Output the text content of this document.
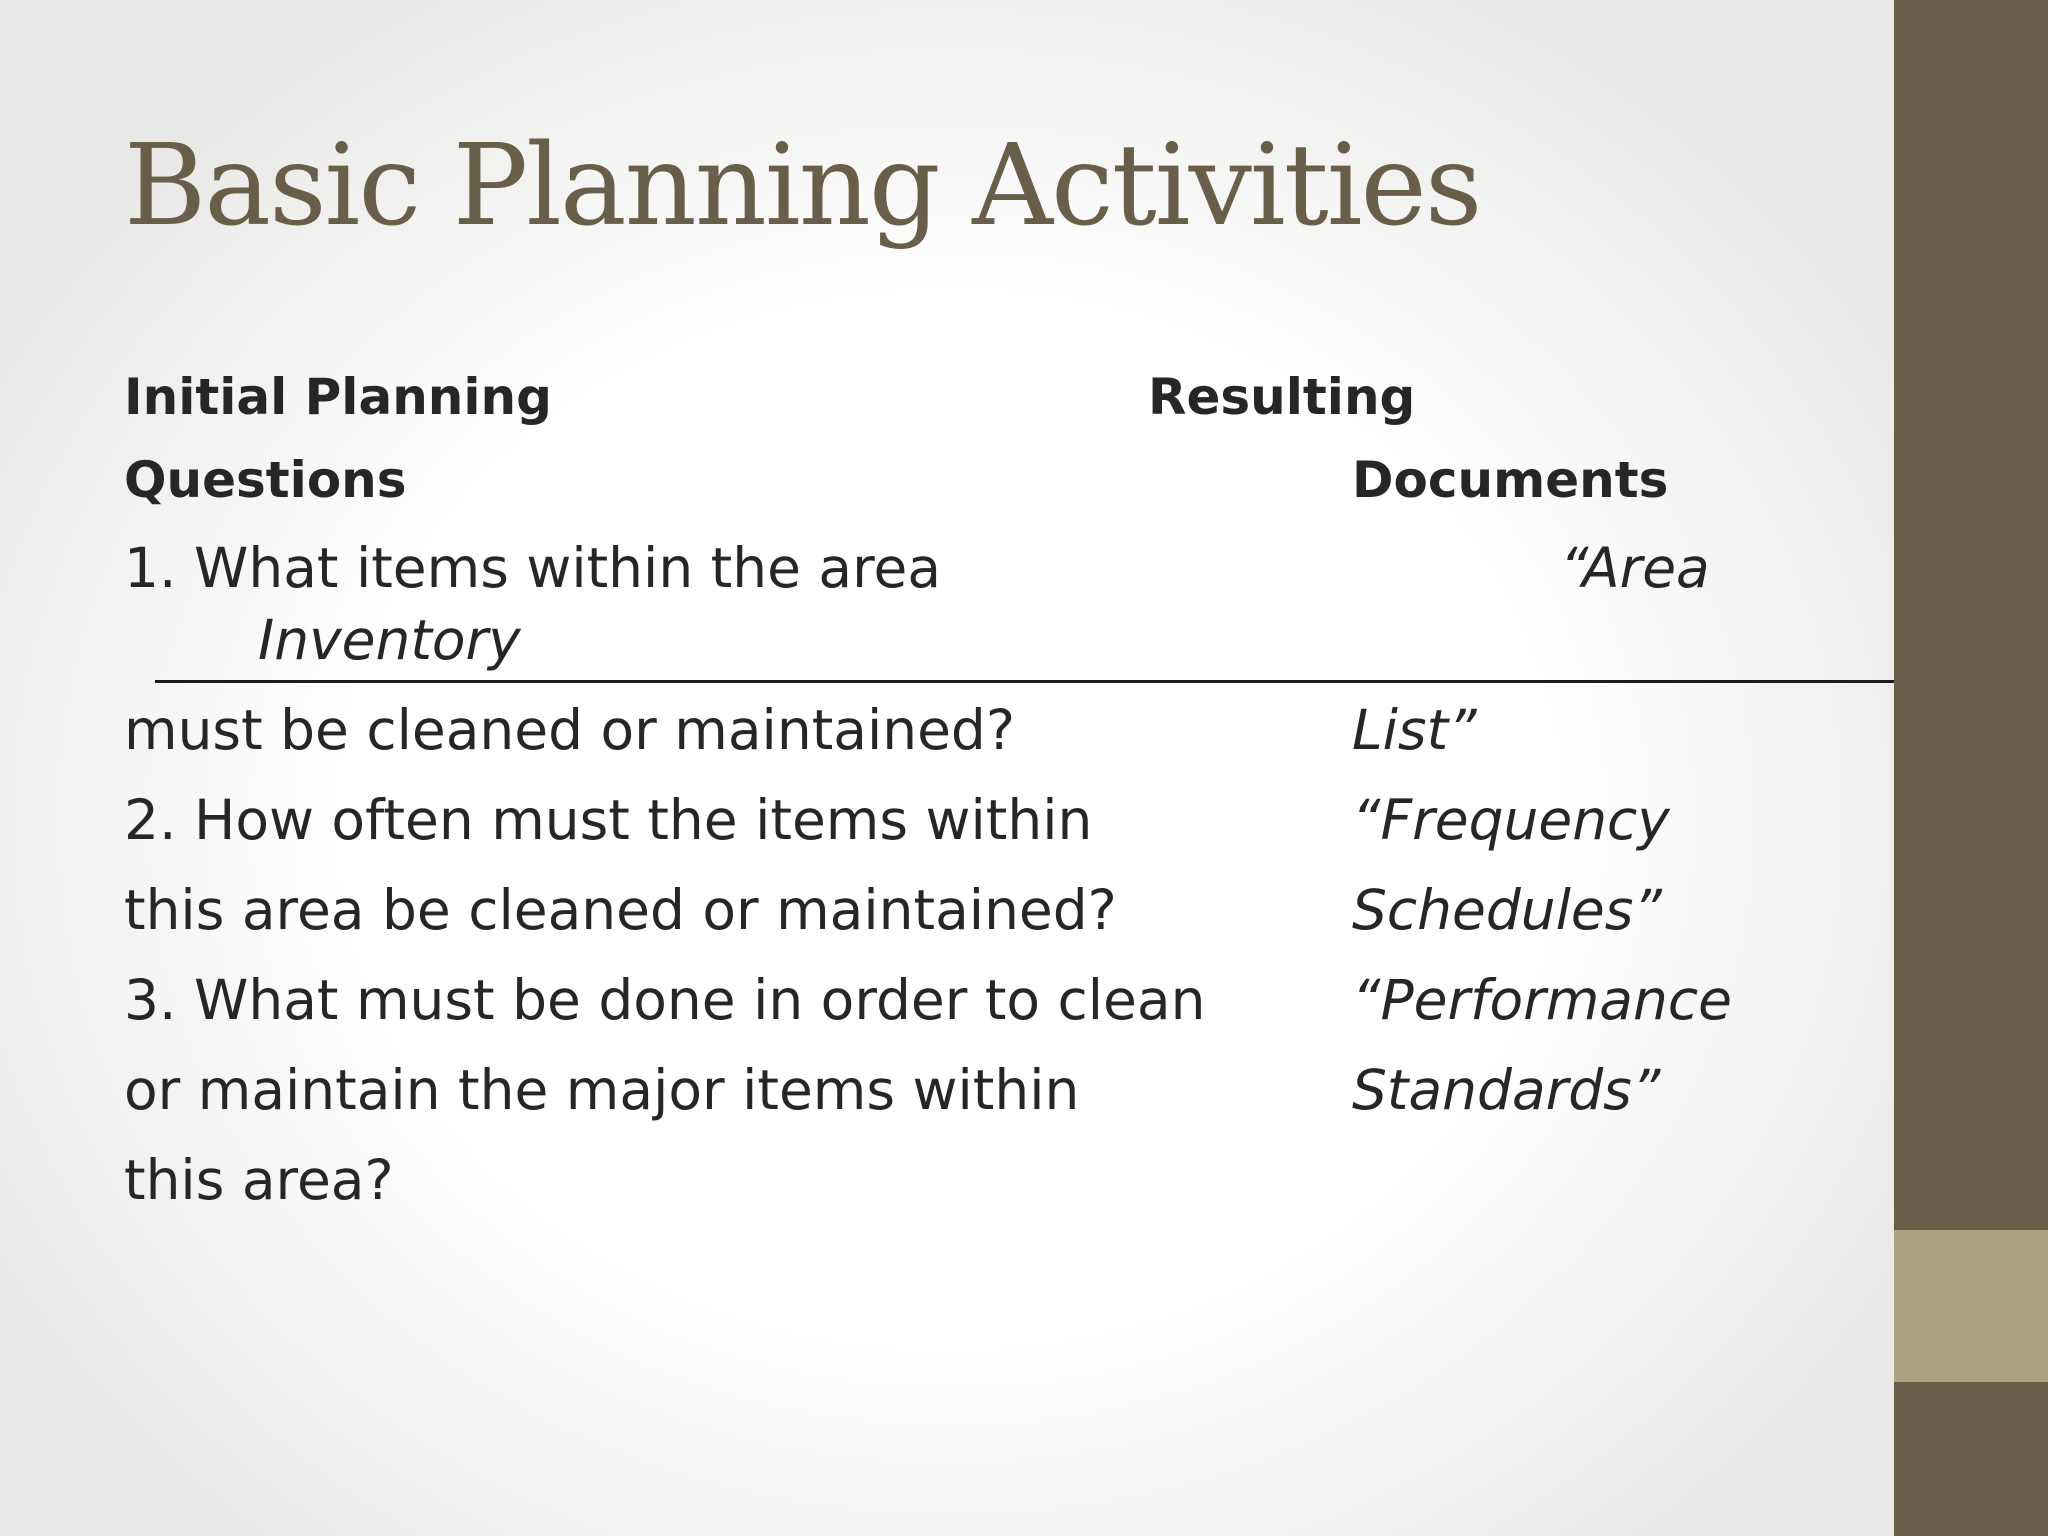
Basic Planning Activities

Initial Planning

Questions

Resulting

Documents

1. What items within the area

must be cleaned or maintained?

2. How often must the items within

this area be cleaned or maintained?

3. What must be done in order to clean

or maintain the major items within

this area?

“Area

Inventory

List”

“Frequency

Schedules”

“Performance

Standards”
